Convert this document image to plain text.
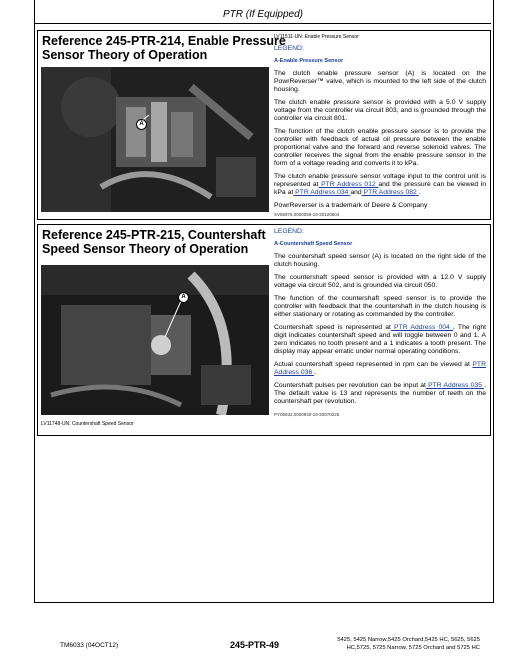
PTR (If Equipped)
Reference 245-PTR-214, Enable Pressure
Sensor Theory of Operation
A

LV11511-UN: Enable Pressure Sensor

LEGEND:

A-Enable Pressure Sensor

The clutch enable pressure sensor (A) is located on the PowrReverser™ valve, which is mounted to the left side of the clutch housing.

The clutch enable pressure sensor is provided with a 5.0 V supply voltage from the controller via circuit 803, and is grounded through the controller via circuit 801.

The function of the clutch enable pressure sensor is to provide the controller with feedback of actual oil pressure between the enable proportional valve and the forward and reverse solenoid valves. The controller receives the signal from the enable pressure sensor in the form of a voltage reading and converts it to kPa.

The clutch enable pressure sensor voltage input to the control unit is represented at PTR Address 012 and the pressure can be viewed in kPa at PTR Address 034 and PTR Address 082 .

PowrReverser is a trademark of Deere & Company

SV56976,0000056-19-20120604

Reference 245-PTR-215, Countershaft
Speed Sensor Theory of Operation
A
LV11748-UN: Countershaft Speed Sensor

LEGEND:

A-Countershaft Speed Sensor

The countershaft speed sensor (A) is located on the right side of the clutch housing.

The countershaft speed sensor is provided with a 12.0 V supply voltage via circuit 502, and is grounded via circuit 050.

The function of the countershaft speed sensor is to provide the controller with feedback that the countershaft in the clutch housing is either stationary or rotating as commanded by the controller.

Countershaft speed is represented at PTR Address 004 . The right digit indicates countershaft speed and will toggle between 0 and 1. A zero indicates no tooth present and a 1 indicates a tooth present. The display may appear erratic under normal operating conditions.

Actual countershaft speed represented in rpm can be viewed at PTR Address 036 .

Countershaft pulses per revolution can be input at PTR Address 035 . The default value is 13 and represents the number of teeth on the countershaft per revolution.

PY06932,0000930-19-20070228

TM6033 (04OCT12)	245-PTR-49	5425, 5425 Narrow,5425 Orchard,5425 HC, 5625, 5625
HC,5725, 5725 Narrow, 5725 Orchard and 5725 HC
